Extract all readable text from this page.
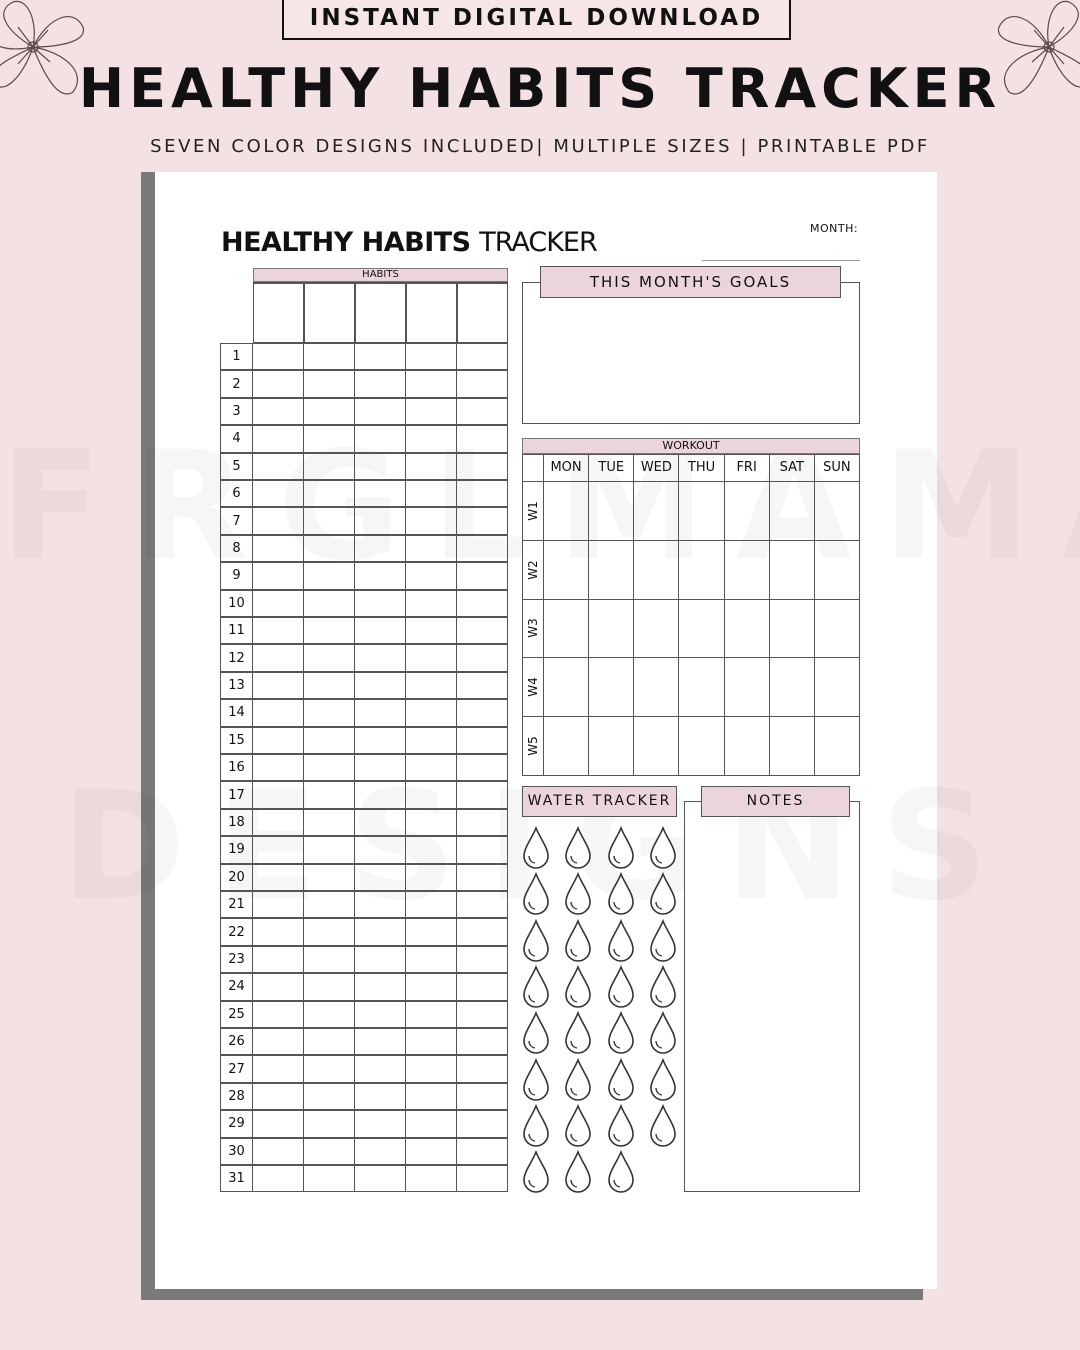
INSTANT DIGITAL DOWNLOAD
HEALTHY HABITS TRACKER
SEVEN COLOR DESIGNS INCLUDED| MULTIPLE SIZES | PRINTABLE PDF
HEALTHY HABITS TRACKER	MONTH:
HABITS
1
2
3
4
5
6
7
8
9
10
11
12
13
14
15
16
17
18
19
20
21
22
23
24
25
26
27
28
29
30
31
THIS MONTH'S GOALS
WORKOUT
MON	TUE	WED	THU	FRI	SAT	SUN
W1
W2
W3
W4
W5
WATER TRACKER	NOTES
